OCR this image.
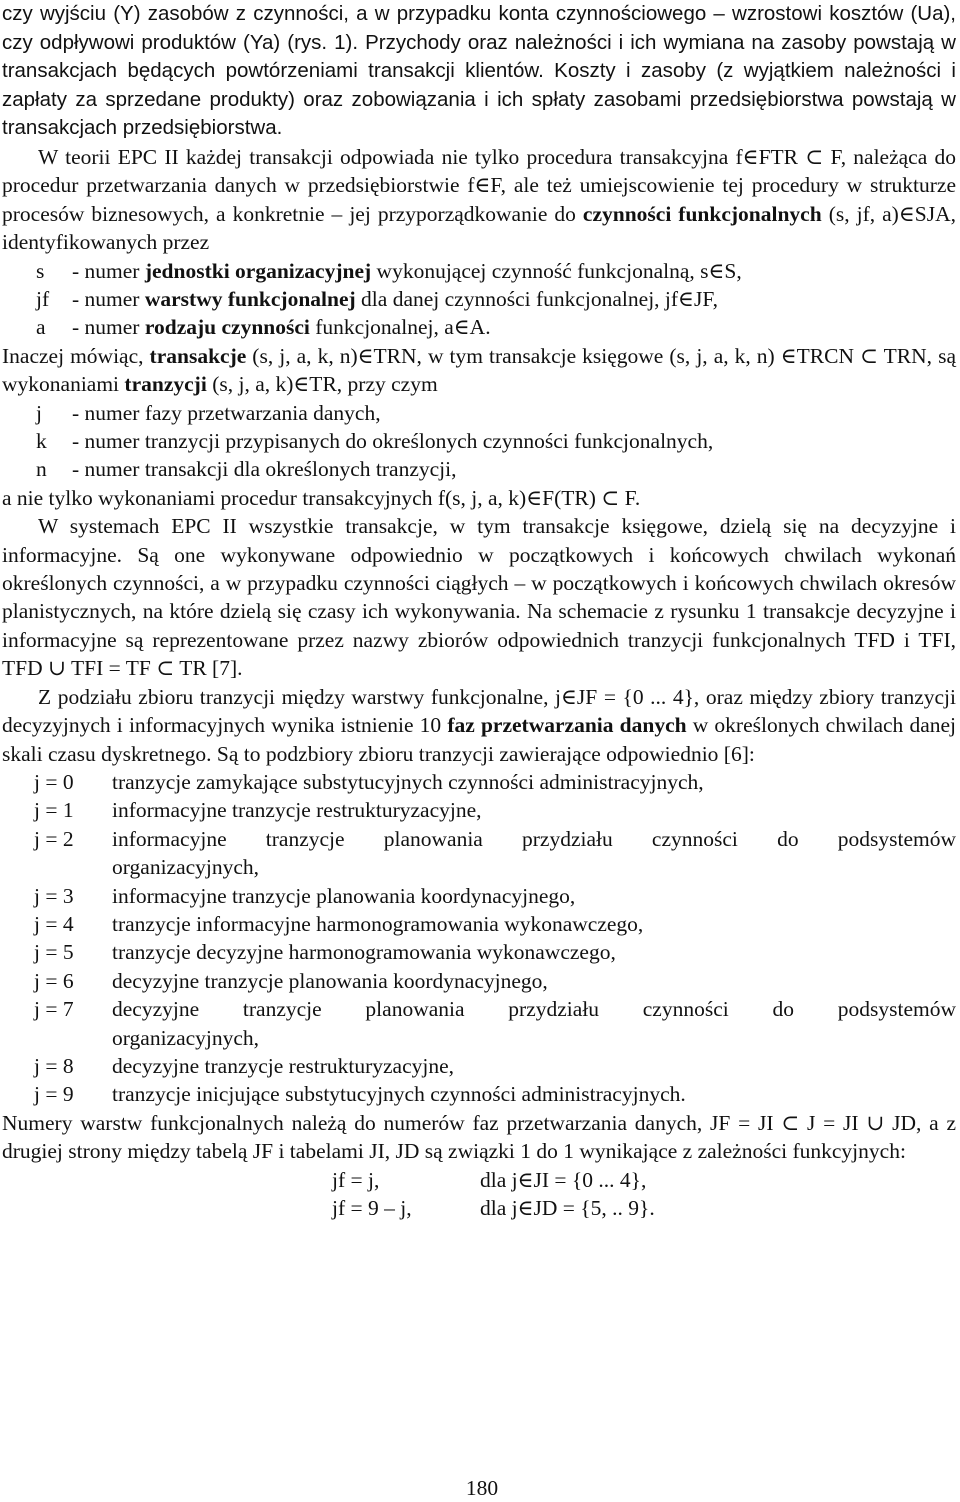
czy wyjściu (Y) zasobów z czynności, a w przypadku konta czynnościowego – wzrostowi kosztów (Ua), czy odpływowi produktów (Ya) (rys. 1). Przychody oraz należności i ich wymiana na zasoby powstają w transakcjach będących powtórzeniami transakcji klientów. Koszty i zasoby (z wyjątkiem należności i zapłaty za sprzedane produkty) oraz zobowiązania i ich spłaty zasobami przedsiębiorstwa powstają w transakcjach przedsiębiorstwa.

W teorii EPC II każdej transakcji odpowiada nie tylko procedura transakcyjna f∈FTR ⊂ F, należąca do procedur przetwarzania danych w przedsiębiorstwie f∈F, ale też umiejscowienie tej procedury w strukturze procesów biznesowych, a konkretnie – jej przyporządkowanie do czynności funkcjonalnych (s, jf, a)∈SJA, identyfikowanych przez

s	- numer jednostki organizacyjnej wykonującej czynność funkcjonalną, s∈S,
jf	- numer warstwy funkcjonalnej dla danej czynności funkcjonalnej, jf∈JF,
a	- numer rodzaju czynności funkcjonalnej, a∈A.

Inaczej mówiąc, transakcje (s, j, a, k, n)∈TRN, w tym transakcje księgowe (s, j, a, k, n) ∈TRCN ⊂ TRN, są wykonaniami tranzycji (s, j, a, k)∈TR, przy czym

j	- numer fazy przetwarzania danych,
k	- numer tranzycji przypisanych do określonych czynności funkcjonalnych,
n	- numer transakcji dla określonych tranzycji,

a nie tylko wykonaniami procedur transakcyjnych f(s, j, a, k)∈F(TR) ⊂ F.

W systemach EPC II wszystkie transakcje, w tym transakcje księgowe, dzielą się na decyzyjne i informacyjne. Są one wykonywane odpowiednio w początkowych i końcowych chwilach wykonań określonych czynności, a w przypadku czynności ciągłych – w początkowych i końcowych chwilach okresów planistycznych, na które dzielą się czasy ich wykonywania. Na schemacie z rysunku 1 transakcje decyzyjne i informacyjne są reprezentowane przez nazwy zbiorów odpowiednich tranzycji funkcjonalnych TFD i TFI, TFD ∪ TFI = TF ⊂ TR [7].

Z podziału zbioru tranzycji między warstwy funkcjonalne, j∈JF = {0 ... 4}, oraz między zbiory tranzycji decyzyjnych i informacyjnych wynika istnienie 10 faz przetwarzania danych w określonych chwilach danej skali czasu dyskretnego. Są to podzbiory zbioru tranzycji zawierające odpowiednio [6]:

j = 0	tranzycje zamykające substytucyjnych czynności administracyjnych,
j = 1	informacyjne tranzycje restrukturyzacyjne,
j = 2	informacyjne tranzycje planowania przydziału czynności do podsystemów
organizacyjnych,
j = 3	informacyjne tranzycje planowania koordynacyjnego,
j = 4	tranzycje informacyjne harmonogramowania wykonawczego,
j = 5	tranzycje decyzyjne harmonogramowania wykonawczego,
j = 6	decyzyjne tranzycje planowania koordynacyjnego,
j = 7	decyzyjne tranzycje planowania przydziału czynności do podsystemów
organizacyjnych,
j = 8	decyzyjne tranzycje restrukturyzacyjne,
j = 9	tranzycje inicjujące substytucyjnych czynności administracyjnych.

Numery warstw funkcjonalnych należą do numerów faz przetwarzania danych, JF = JI ⊂ J = JI ∪ JD, a z drugiej strony między tabelą JF i tabelami JI, JD są związki 1 do 1 wynikające z zależności funkcyjnych:

jf = j,	dla j∈JI = {0 ... 4},
jf = 9 – j,	dla j∈JD = {5, .. 9}.
180
